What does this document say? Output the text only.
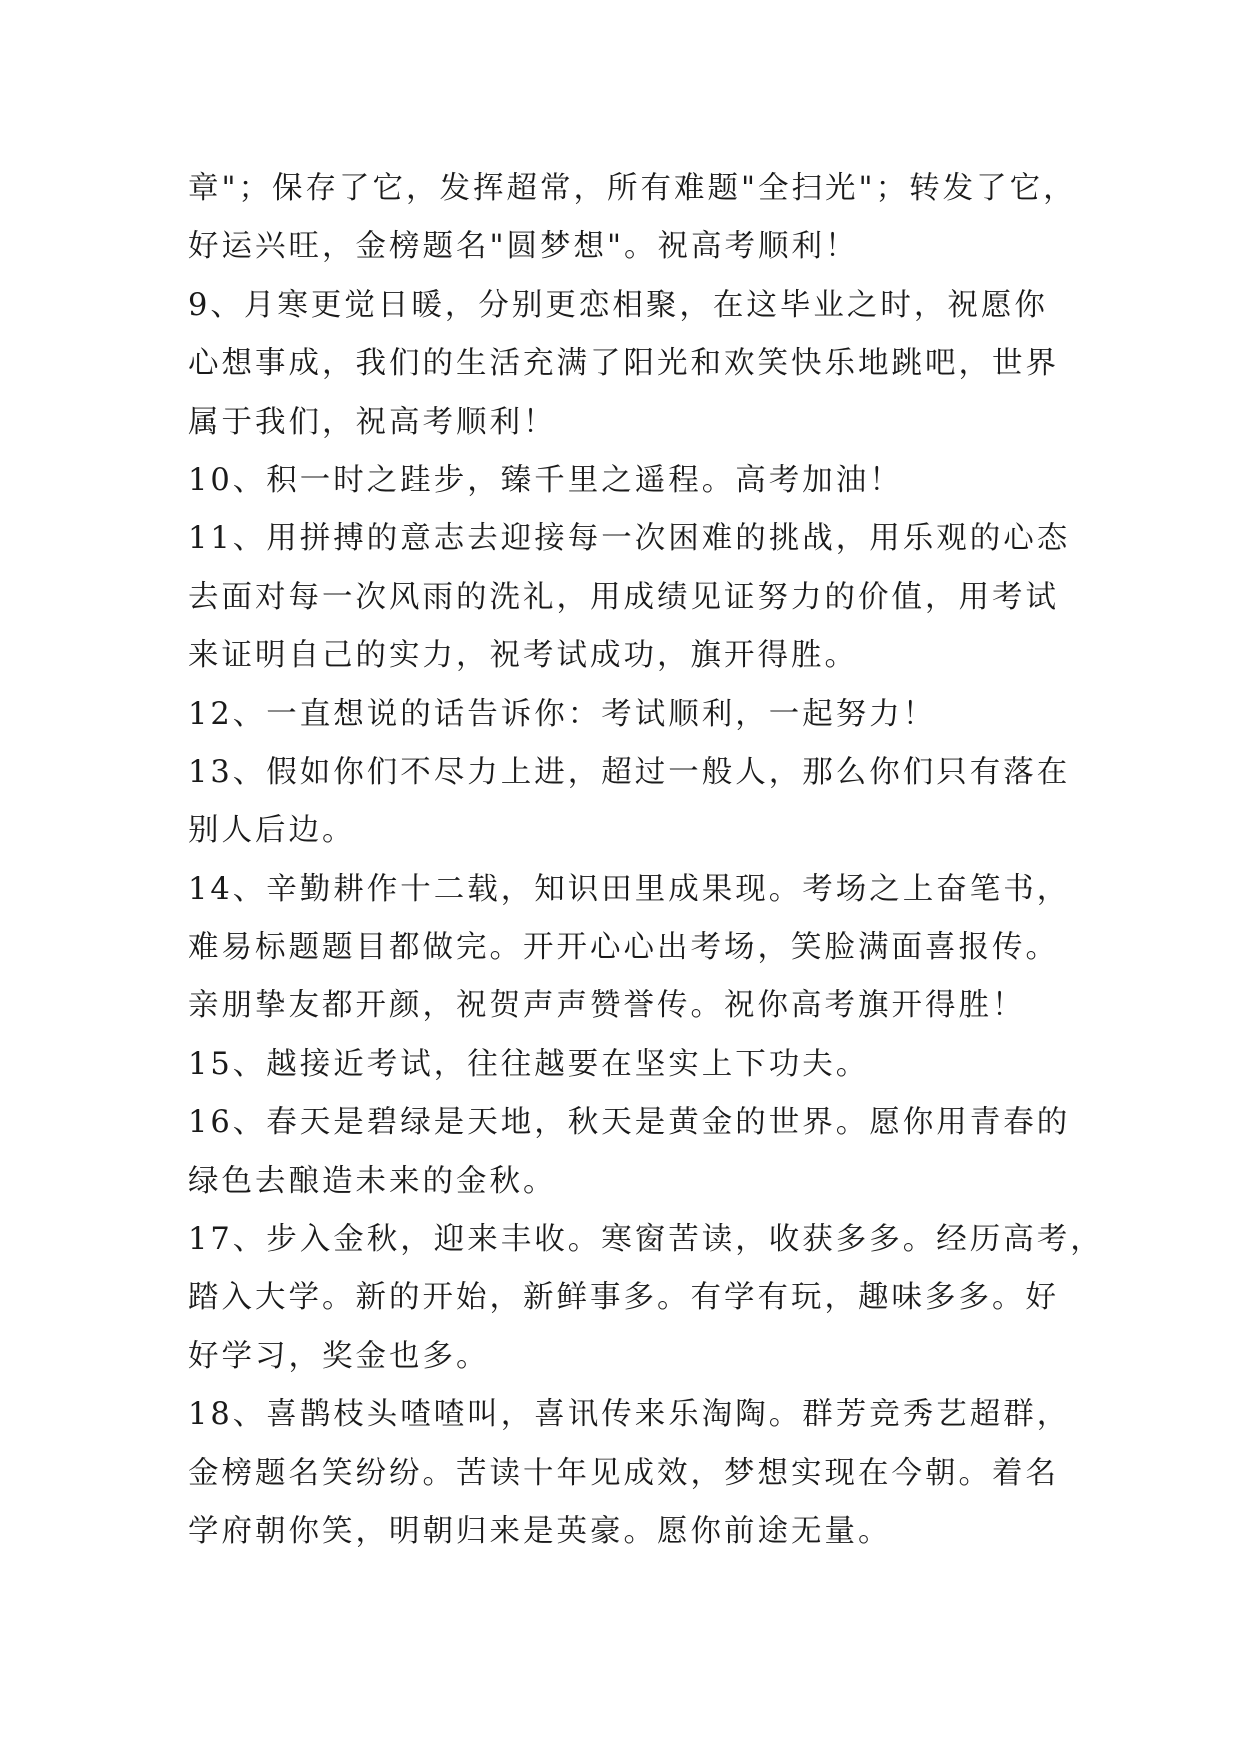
章"；保存了它，发挥超常，所有难题"全扫光"；转发了它，
好运兴旺，金榜题名"圆梦想"。祝高考顺利！
9、月寒更觉日暖，分别更恋相聚，在这毕业之时，祝愿你
心想事成，我们的生活充满了阳光和欢笑快乐地跳吧，世界
属于我们，祝高考顺利！
10、积一时之跬步，臻千里之遥程。高考加油！
11、用拼搏的意志去迎接每一次困难的挑战，用乐观的心态
去面对每一次风雨的洗礼，用成绩见证努力的价值，用考试
来证明自己的实力，祝考试成功，旗开得胜。
12、一直想说的话告诉你：考试顺利，一起努力！
13、假如你们不尽力上进，超过一般人，那么你们只有落在
别人后边。
14、辛勤耕作十二载，知识田里成果现。考场之上奋笔书，
难易标题题目都做完。开开心心出考场，笑脸满面喜报传。
亲朋挚友都开颜，祝贺声声赞誉传。祝你高考旗开得胜！
15、越接近考试，往往越要在坚实上下功夫。
16、春天是碧绿是天地，秋天是黄金的世界。愿你用青春的
绿色去酿造未来的金秋。
17、步入金秋，迎来丰收。寒窗苦读，收获多多。经历高考，
踏入大学。新的开始，新鲜事多。有学有玩，趣味多多。好
好学习，奖金也多。
18、喜鹊枝头喳喳叫，喜讯传来乐淘陶。群芳竞秀艺超群，
金榜题名笑纷纷。苦读十年见成效，梦想实现在今朝。着名
学府朝你笑，明朝归来是英豪。愿你前途无量。
